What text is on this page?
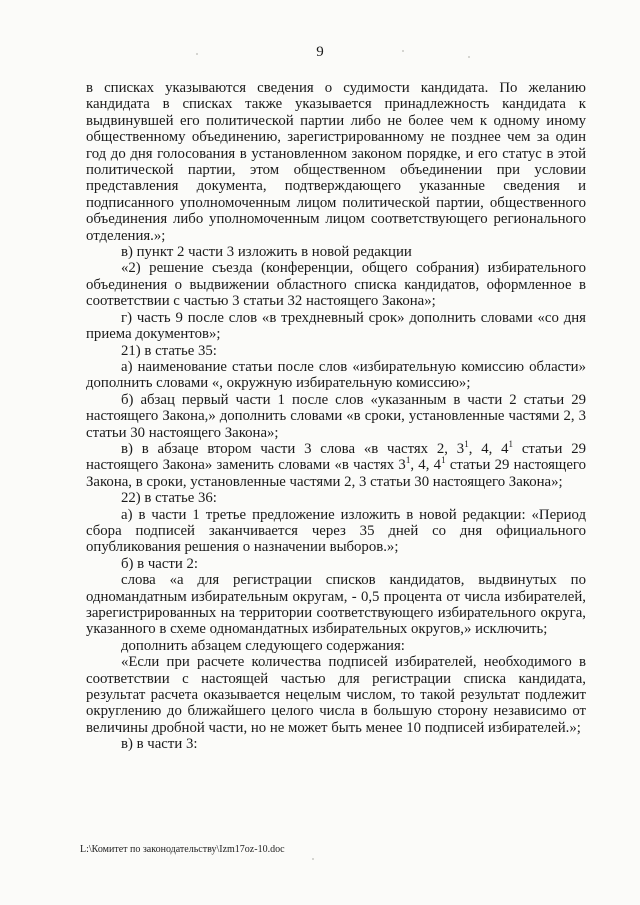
9

в списках указываются сведения о судимости кандидата. По желанию кандидата в списках также указывается принадлежность кандидата к выдвинувшей его политической партии либо не более чем к одному иному общественному объединению, зарегистрированному не позднее чем за один год до дня голосования в установленном законом порядке, и его статус в этой политической партии, этом общественном объединении при условии представления документа, подтверждающего указанные сведения и подписанного уполномоченным лицом политической партии, общественного объединения либо уполномоченным лицом соответствующего регионального отделения.»;

в) пункт 2 части 3 изложить в новой редакции

«2) решение съезда (конференции, общего собрания) избирательного объединения о выдвижении областного списка кандидатов, оформленное в соответствии с частью 3 статьи 32 настоящего Закона»;

г) часть 9 после слов «в трехдневный срок» дополнить словами «со дня приема документов»;

21) в статье 35:

а) наименование статьи после слов «избирательную комиссию области» дополнить словами «, окружную избирательную комиссию»;

б) абзац первый части 1 после слов «указанным в части 2 статьи 29 настоящего Закона,» дополнить словами «в сроки, установленные частями 2, 3 статьи 30 настоящего Закона»;

в) в абзаце втором части 3 слова «в частях 2, $3^1$, 4, $4^1$ статьи 29 настоящего Закона» заменить словами «в частях $3^1$, 4, $4^1$ статьи 29 настоящего Закона, в сроки, установленные частями 2, 3 статьи 30 настоящего Закона»;

22) в статье 36:

а) в части 1 третье предложение изложить в новой редакции: «Период сбора подписей заканчивается через 35 дней со дня официального опубликования решения о назначении выборов.»;

б) в части 2:

слова «а для регистрации списков кандидатов, выдвинутых по одномандатным избирательным округам, - 0,5 процента от числа избирателей, зарегистрированных на территории соответствующего избирательного округа, указанного в схеме одномандатных избирательных округов,» исключить;

дополнить абзацем следующего содержания:

«Если при расчете количества подписей избирателей, необходимого в соответствии с настоящей частью для регистрации списка кандидата, результат расчета оказывается нецелым числом, то такой результат подлежит округлению до ближайшего целого числа в большую сторону независимо от величины дробной части, но не может быть менее 10 подписей избирателей.»;

в) в части 3:

L:\Комитет по законодательству\Izm17oz-10.doc
